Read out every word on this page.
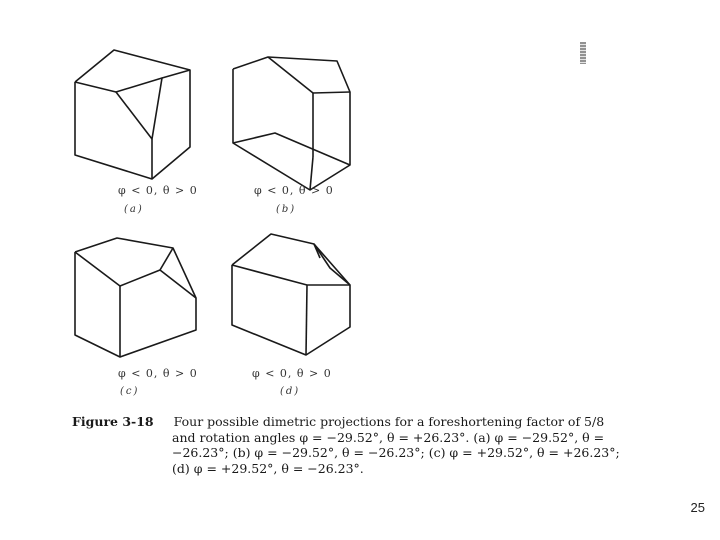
φ < 0, θ > 0
(a)
φ < 0, θ > 0
(b)
φ < 0, θ > 0
(c)
φ < 0, θ > 0
(d)
Figure 3-18 Four possible dimetric projections for a foreshortening factor of 5/8
and rotation angles φ = −29.52°, θ = +26.23°. (a) φ = −29.52°, θ =
−26.23°; (b) φ = −29.52°, θ = −26.23°; (c) φ = +29.52°, θ = +26.23°;
(d) φ = +29.52°, θ = −26.23°.
25
